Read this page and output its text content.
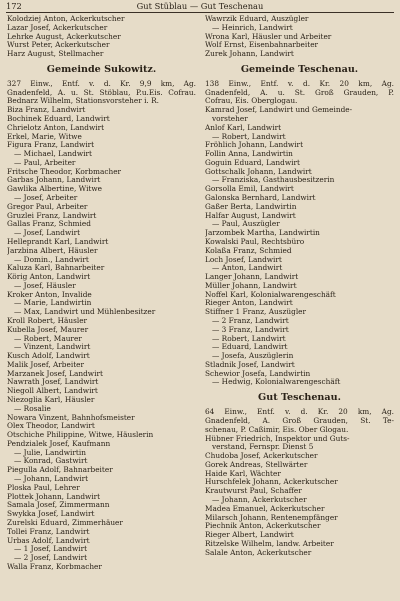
172	Gut Stüblau — Gut Teschenau
Kolodziej Anton, Ackerkutscher
Lazar Josef, Ackerkutscher
Lehrke August, Ackerkutscher
Wurst Peter, Ackerkutscher
Harz August, Stellmacher
Gemeinde Sukowitz.
327 Einw., Entf. v. d. Kr. 9,9 km, Ag.
Gnadenfeld, A. u. St. Stöblau, P.u.Eis. Cofrau.
Bednarz Wilhelm, Stationsvorsteher i. R.
Biza Franz, Landwirt
Bochinek Eduard, Landwirt
Chrielotz Anton, Landwirt
Erkel, Marie, Witwe
Figura Franz, Landwirt
— Michael, Landwirt
— Paul, Arbeiter
Fritsche Theodor, Korbmacher
Garbas Johann, Landwirt
Gawlika Albertine, Witwe
— Josef, Arbeiter
Gregor Paul, Arbeiter
Gruzlei Franz, Landwirt
Gallas Franz, Schmied
— Josef, Landwirt
Helleprandt Karl, Landwirt
Jarzbina Albert, Häusler
— Domin., Landwirt
Kaluza Karl, Bahnarbeiter
Körig Anton, Landwirt
— Josef, Häusler
Kroker Anton, Invalide
— Marie, Landwirtin
— Max, Landwirt und Mühlenbesitzer
Kroll Robert, Häusler
Kubella Josef, Maurer
— Robert, Maurer
— Vinzent, Landwirt
Kusch Adolf, Landwirt
Malik Josef, Arbeiter
Marzanek Josef, Landwirt
Nawrath Josef, Landwirt
Niegoll Albert, Landwirt
Niezoglia Karl, Häusler
— Rosalie
Nowara Vinzent, Bahnhofsmeister
Olex Theodor, Landwirt
Otschiche Philippine, Witwe, Häuslerin
Pendzialek Josef, Kaufmann
— Julie, Landwirtin
— Konrad, Gastwirt
Piegulla Adolf, Bahnarbeiter
— Johann, Landwirt
Ploska Paul, Lehrer
Plottek Johann, Landwirt
Samala Josef, Zimmermann
Swykka Josef, Landwirt
Zurelski Eduard, Zimmerhäuer
Tollei Franz, Landwirt
Urbas Adolf, Landwirt
— 1 Josef, Landwirt
— 2 Josef, Landwirt
Walla Franz, Korbmacher
Wawrzik Eduard, Auszügler
— Heinrich, Landwirt
Wrona Karl, Häusler und Arbeiter
Wolf Ernst, Eisenbahnarbeiter
Zurek Johann, Landwirt
Gemeinde Teschenau.
138 Einw., Entf. v. d. Kr. 20 km, Ag.
Gnadenfeld, A. u. St. Groß Grauden, P.
Cofrau, Eis. Oberglogau.
Kamrad Josef, Landwirt und Gemeinde-
vorsteher
Anlof Karl, Landwirt
— Robert, Landwirt
Fröhlich Johann, Landwirt
Follin Anna, Landwirtin
Goguin Eduard, Landwirt
Gottschalk Johann, Landwirt
— Franziska, Gasthausbesitzerin
Gorsolla Emil, Landwirt
Galonska Bernhard, Landwirt
Gaßer Berta, Landwirtin
Halfar August, Landwirt
— Paul, Auszügler
Jarzombek Martha, Landwirtin
Kowalski Paul, Rechtsbüro
Kolaßa Franz, Schmied
Loch Josef, Landwirt
— Anton, Landwirt
Langer Johann, Landwirt
Müller Johann, Landwirt
Noffel Karl, Kolonialwarengeschäft
Rieger Anton, Landwirt
Stiffner 1 Franz, Auszügler
— 2 Franz, Landwirt
— 3 Franz, Landwirt
— Robert, Landwirt
— Eduard, Landwirt
— Josefa, Auszüglerin
Stladnik Josef, Landwirt
Schewior Josefa, Landwirtin
— Hedwig, Kolonialwarengeschäft
Gut Teschenau.
64 Einw., Entf. v. d. Kr. 20 km, Ag.
Gnadenfeld, A. Groß Grauden, St. Te-
schenau, P. Caßimir, Eis. Ober Glogau.
Hübner Friedrich, Inspektor und Guts-
verstand, Fernspr. Dienst 5
Chudoba Josef, Ackerkutscher
Gorek Andreas, Stellwärter
Haide Karl, Wächter
Hurschfelek Johann, Ackerkutscher
Krautwurst Paul, Schaffer
— Johann, Ackerkutscher
Madea Emanuel, Ackerkutscher
Milarsch Johann, Rentenempfänger
Piechnik Anton, Ackerkutscher
Rieger Albert, Landwirt
Ritzelske Wilhelm, landw. Arbeiter
Salale Anton, Ackerkutscher
